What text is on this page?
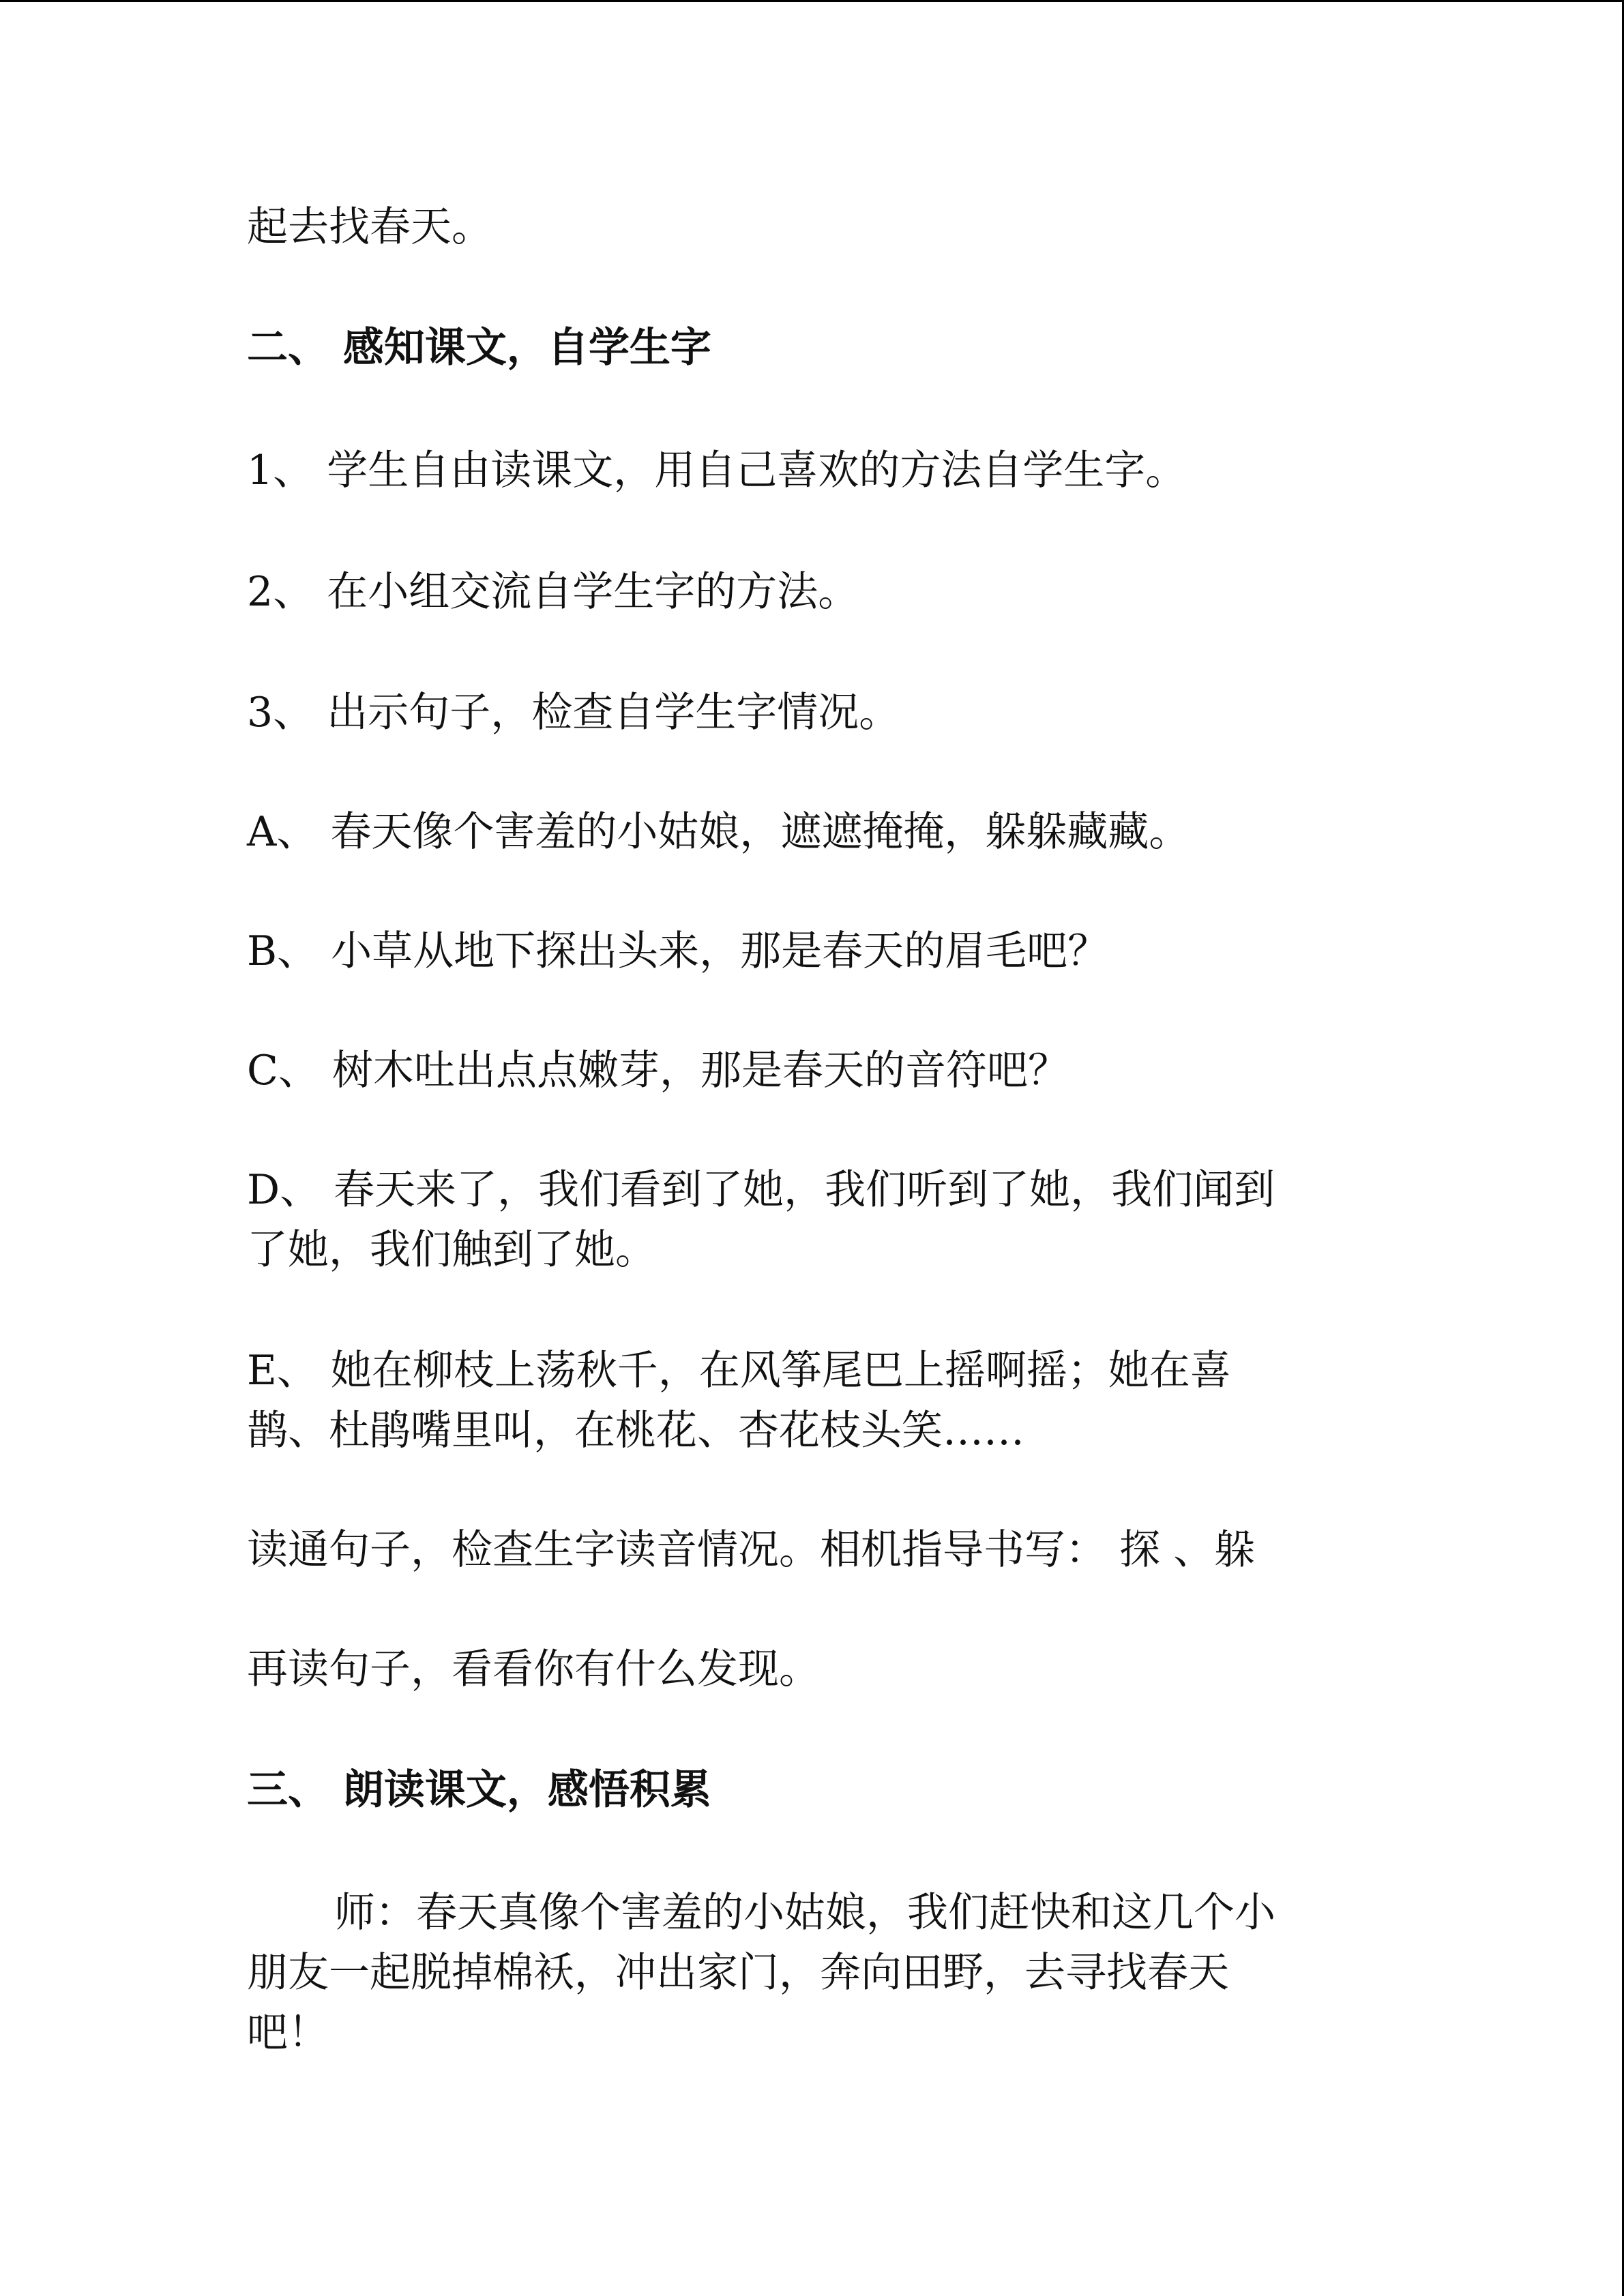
起去找春天。
二、 感知课文，自学生字
1、 学生自由读课文，用自己喜欢的方法自学生字。
2、 在小组交流自学生字的方法。
3、 出示句子，检查自学生字情况。
A、 春天像个害羞的小姑娘，遮遮掩掩，躲躲藏藏。
B、 小草从地下探出头来，那是春天的眉毛吧？
C、 树木吐出点点嫩芽，那是春天的音符吧？
D、 春天来了，我们看到了她，我们听到了她，我们闻到
了她，我们触到了她。
E、 她在柳枝上荡秋千，在风筝尾巴上摇啊摇；她在喜
鹊、杜鹃嘴里叫，在桃花、杏花枝头笑……
读通句子，检查生字读音情况。相机指导书写： 探 、躲
再读句子，看看你有什么发现。
三、 朗读课文，感悟积累
师：春天真像个害羞的小姑娘，我们赶快和这几个小
朋友一起脱掉棉袄，冲出家门，奔向田野，去寻找春天
吧！
